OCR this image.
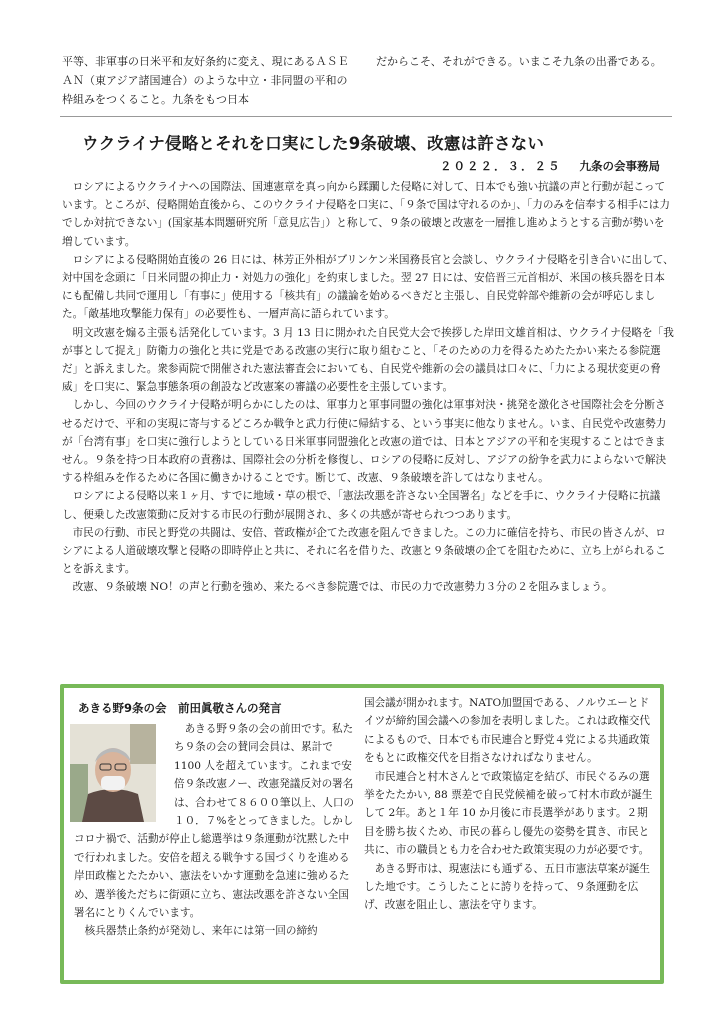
平等、非軍事の日米平和友好条約に変え、現にあるＡＳＥＡＮ（東アジア諸国連合）のような中立・非同盟の平和の枠組みをつくること。九条をもつ日本
だからこそ、それができる。いまこそ九条の出番である。
ウクライナ侵略とそれを口実にした9条破壊、改憲は許さない
２０２２．３．２５ 九条の会事務局

ロシアによるウクライナへの国際法、国連憲章を真っ向から蹂躙した侵略に対して、日本でも強い抗議の声と行動が起こっています。ところが、侵略開始直後から、このウクライナ侵略を口実に、「９条で国は守れるのか」、「力のみを信奉する相手には力でしか対抗できない」(国家基本問題研究所「意見広告」）と称して、９条の破壊と改憲を一層推し進めようとする言動が勢いを増しています。

ロシアによる侵略開始直後の 26 日には、林芳正外相がブリンケン米国務長官と会談し、ウクライナ侵略を引き合いに出して、対中国を念頭に「日米同盟の抑止力・対処力の強化」を約束しました。翌 27 日には、安倍晋三元首相が、米国の核兵器を日本にも配備し共同で運用し「有事に」使用する「核共有」の議論を始めるべきだと主張し、自民党幹部や維新の会が呼応しました。「敵基地攻撃能力保有」の必要性も、一層声高に語られています。

明文改憲を煽る主張も活発化しています。3 月 13 日に開かれた自民党大会で挨拶した岸田文雄首相は、ウクライナ侵略を「我が事として捉え」防衛力の強化と共に党是である改憲の実行に取り組むこと、「そのための力を得るためたたかい来たる参院選だ」と訴えました。衆参両院で開催された憲法審査会においても、自民党や維新の会の議員は口々に、「力による現状変更の脅威」を口実に、緊急事態条項の創設など改憲案の審議の必要性を主張しています。

しかし、今回のウクライナ侵略が明らかにしたのは、軍事力と軍事同盟の強化は軍事対決・挑発を激化させ国際社会を分断させるだけで、平和の実現に寄与するどころか戦争と武力行使に帰結する、という事実に他なりません。いま、自民党や改憲勢力が「台湾有事」を口実に強行しようとしている日米軍事同盟強化と改憲の道では、日本とアジアの平和を実現することはできません。９条を持つ日本政府の責務は、国際社会の分析を修復し、ロシアの侵略に反対し、アジアの紛争を武力によらないで解決する枠組みを作るために各国に働きかけることです。断じて、改憲、９条破壊を許してはなりません。

ロシアによる侵略以来１ヶ月、すでに地域・草の根で、「憲法改悪を許さない全国署名」などを手に、ウクライナ侵略に抗議し、便乗した改憲策動に反対する市民の行動が展開され、多くの共感が寄せられつつあります。

市民の行動、市民と野党の共闘は、安倍、菅政権が企てた改憲を阻んできました。この力に確信を持ち、市民の皆さんが、ロシアによる人道破壊攻撃と侵略の即時停止と共に、それに名を借りた、改憲と９条破壊の企てを阻むために、立ち上がられることを訴えます。

改憲、９条破壊 NO！の声と行動を強め、来たるべき参院選では、市民の力で改憲勢力３分の２を阻みましょう。

あきる野９条の会の前田です。私たち９条の会の賛同会員は、累計で 1100 人を超えています。これまで安倍９条改憲ノー、改憲発議反対の署名は、合わせて８６００筆以上、人口の１０．７%をとってきました。しかしコロナ禍で、活動が停止し総選挙は９条運動が沈黙した中で行われました。安倍を超える戦争する国づくりを進める岸田政権とたたかい、憲法をいかす運動を急速に強めるため、選挙後ただちに街頭に立ち、憲法改悪を許さない全国署名にとりくんでいます。

核兵器禁止条約が発効し、来年には第一回の締約

あきる野9条の会　前田眞敬さんの発言	国会議が開かれます。NATO加盟国である、ノルウエーとドイツが締約国会議への参加を表明しました。これは政権交代によるもので、日本でも市民連合と野党４党による共通政策をもとに政権交代を目指さなければなりません。

市民連合と村木さんとで政策協定を結び、市民ぐるみの選挙をたたかい, 88 票差で自民党候補を破って村木市政が誕生して 2年。あと１年 10 か月後に市長選挙があります。２期目を勝ち抜くため、市民の暮らし優先の姿勢を貫き、市民と共に、市の職員とも力を合わせた政策実現の力が必要です。

あきる野市は、現憲法にも通ずる、五日市憲法草案が誕生した地です。こうしたことに誇りを持って、９条運動を広げ、改憲を阻止し、憲法を守ります。
